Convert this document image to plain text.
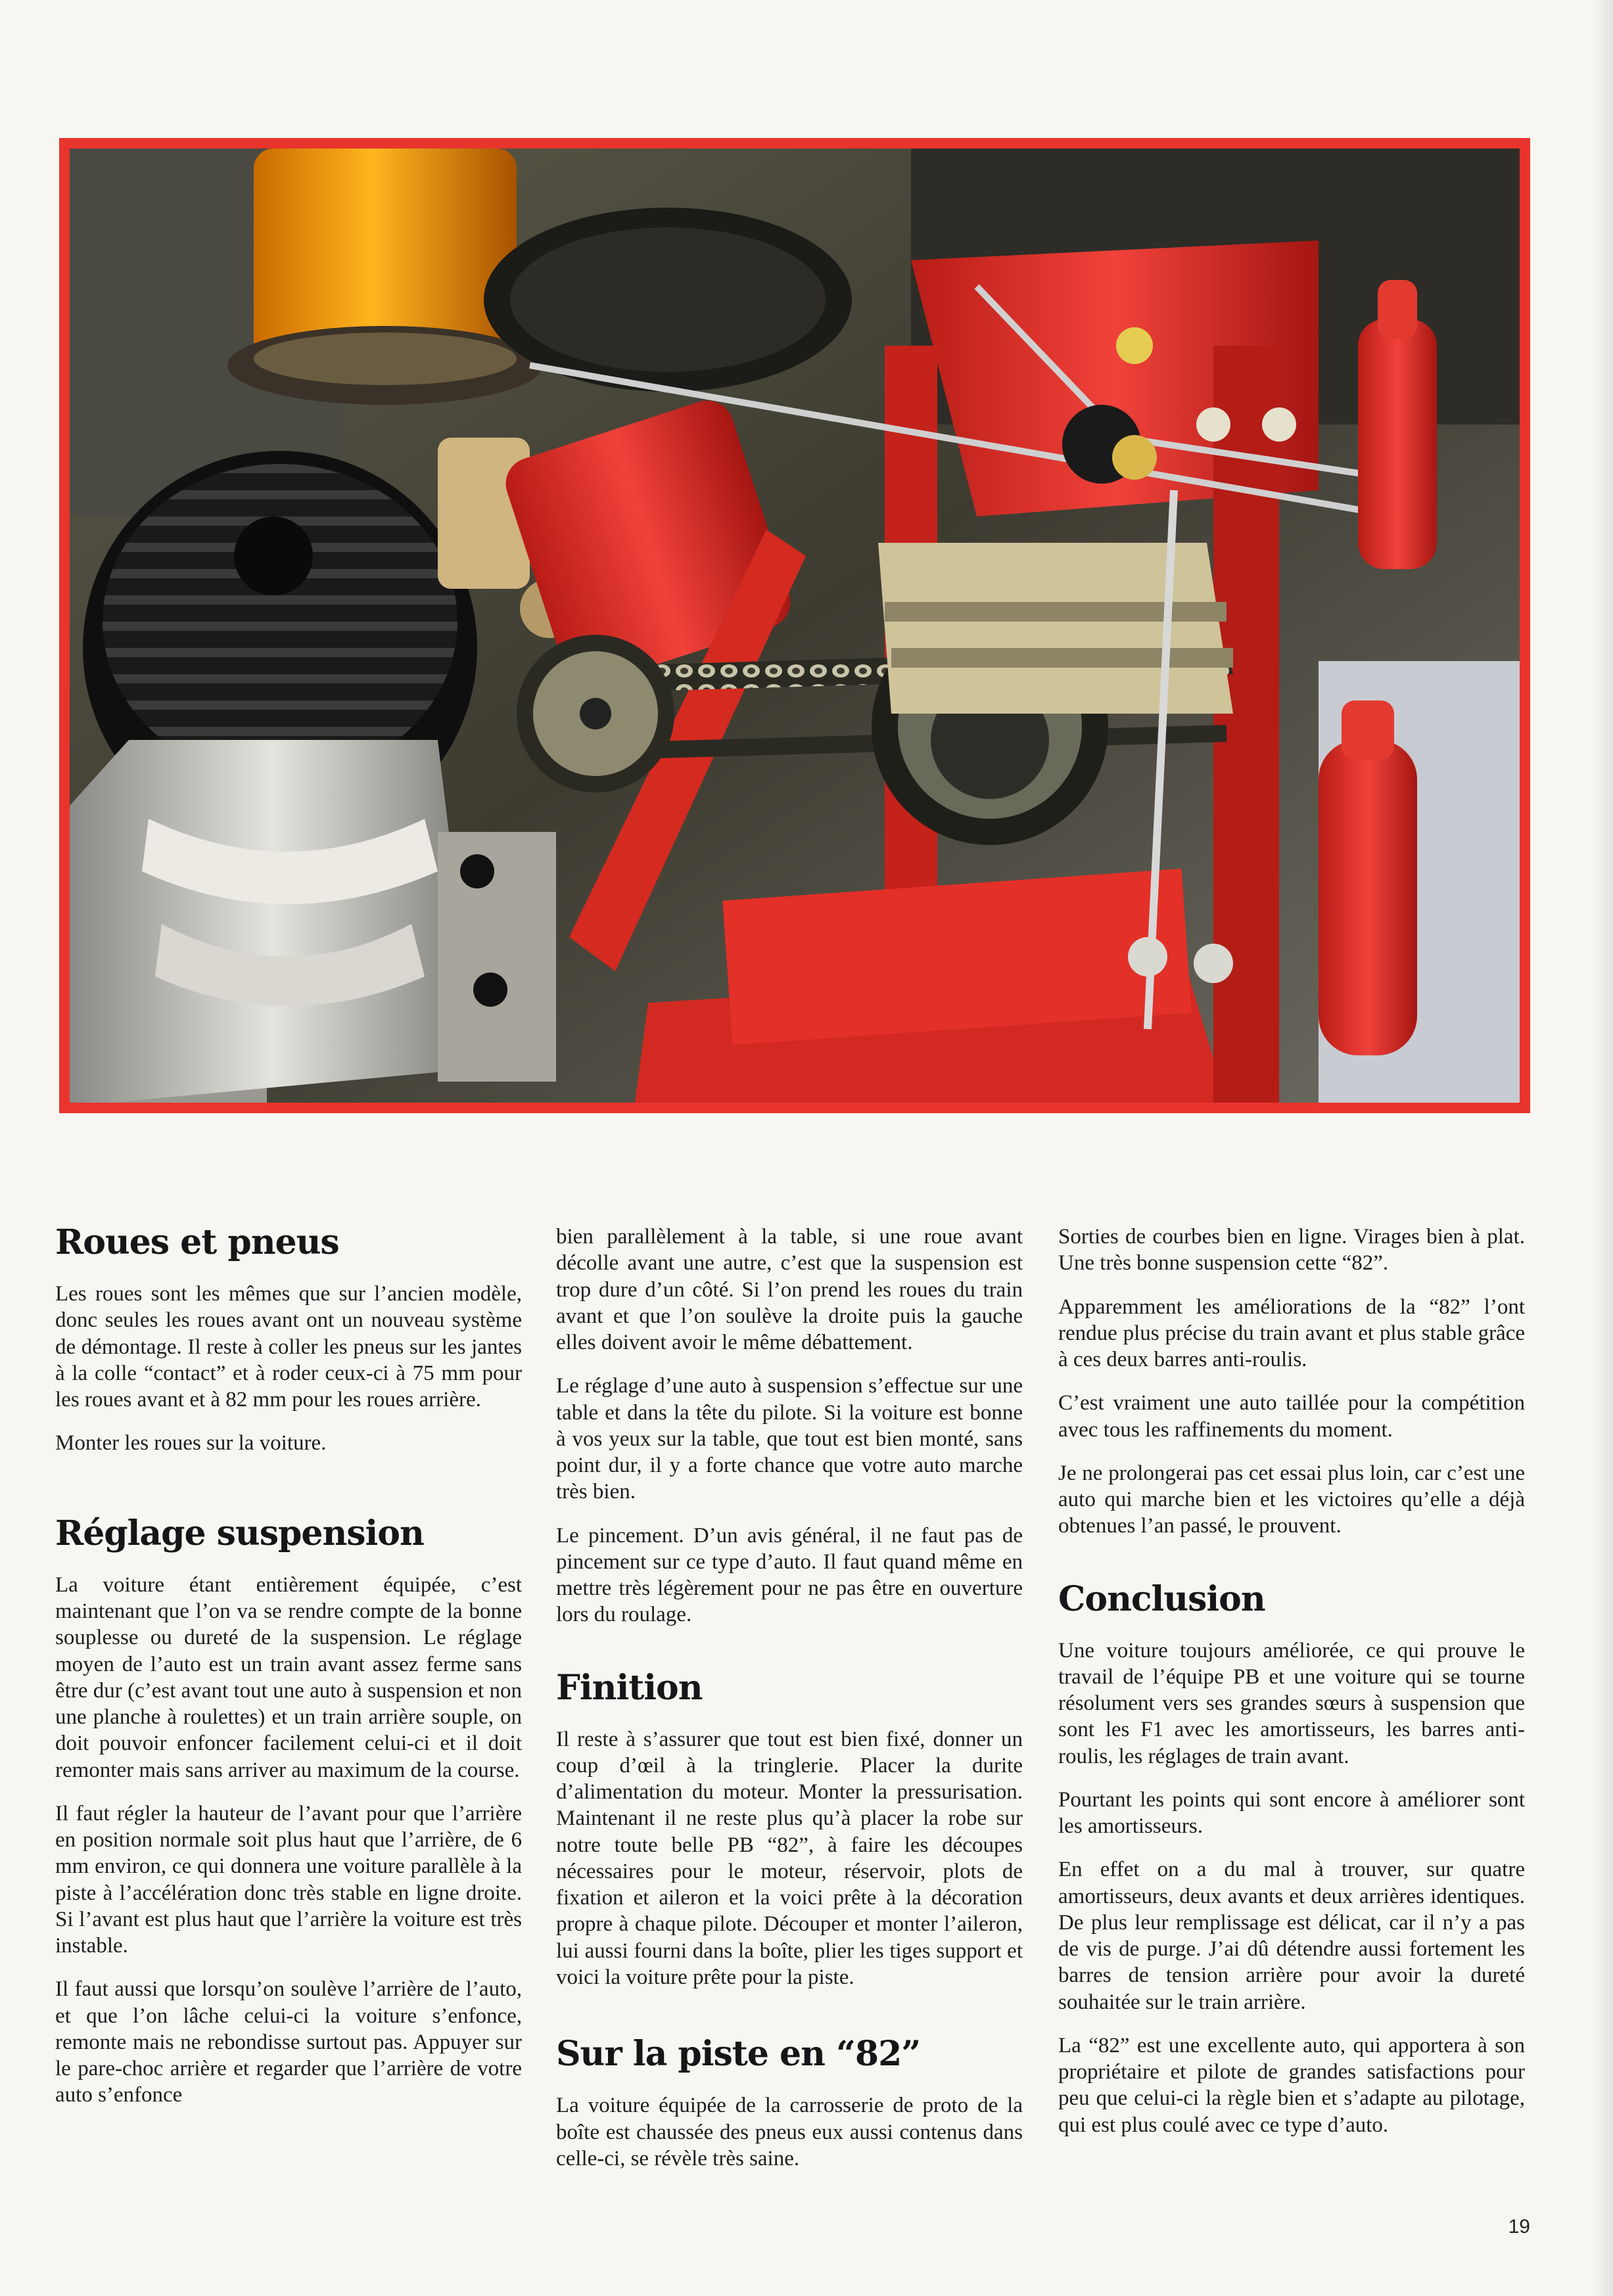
Roues et pneus

Les roues sont les mêmes que sur l’ancien modèle, donc seules les roues avant ont un nouveau système de démontage. Il reste à coller les pneus sur les jantes à la colle “contact” et à roder ceux-ci à 75 mm pour les roues avant et à 82 mm pour les roues arrière.

Monter les roues sur la voiture.

Réglage suspension

La voiture étant entièrement équipée, c’est maintenant que l’on va se rendre compte de la bonne souplesse ou dureté de la suspension. Le réglage moyen de l’auto est un train avant assez ferme sans être dur (c’est avant tout une auto à suspension et non une planche à roulettes) et un train arrière souple, on doit pouvoir enfoncer facilement celui-ci et il doit remonter mais sans arriver au maximum de la course.

Il faut régler la hauteur de l’avant pour que l’arrière en position normale soit plus haut que l’arrière, de 6 mm environ, ce qui donnera une voiture parallèle à la piste à l’accélération donc très stable en ligne droite. Si l’avant est plus haut que l’arrière la voiture est très instable.

Il faut aussi que lorsqu’on soulève l’arrière de l’auto, et que l’on lâche celui-ci la voiture s’enfonce, remonte mais ne rebondisse surtout pas. Appuyer sur le pare-choc arrière et regarder que l’arrière de votre auto s’enfonce

bien parallèlement à la table, si une roue avant décolle avant une autre, c’est que la suspension est trop dure d’un côté. Si l’on prend les roues du train avant et que l’on soulève la droite puis la gauche elles doivent avoir le même débattement.

Le réglage d’une auto à suspension s’effectue sur une table et dans la tête du pilote. Si la voiture est bonne à vos yeux sur la table, que tout est bien monté, sans point dur, il y a forte chance que votre auto marche très bien.

Le pincement. D’un avis général, il ne faut pas de pincement sur ce type d’auto. Il faut quand même en mettre très légèrement pour ne pas être en ouverture lors du roulage.

Finition

Il reste à s’assurer que tout est bien fixé, donner un coup d’œil à la tringlerie. Placer la durite d’alimentation du moteur. Monter la pressurisation. Maintenant il ne reste plus qu’à placer la robe sur notre toute belle PB “82”, à faire les découpes nécessaires pour le moteur, réservoir, plots de fixation et aileron et la voici prête à la décoration propre à chaque pilote. Découper et monter l’aileron, lui aussi fourni dans la boîte, plier les tiges support et voici la voiture prête pour la piste.

Sur la piste en “82”

La voiture équipée de la carrosserie de proto de la boîte est chaussée des pneus eux aussi contenus dans celle-ci, se révèle très saine.

Sorties de courbes bien en ligne. Virages bien à plat. Une très bonne suspension cette “82”.

Apparemment les améliorations de la “82” l’ont rendue plus précise du train avant et plus stable grâce à ces deux barres anti-roulis.

C’est vraiment une auto taillée pour la compétition avec tous les raffinements du moment.

Je ne prolongerai pas cet essai plus loin, car c’est une auto qui marche bien et les victoires qu’elle a déjà obtenues l’an passé, le prouvent.

Conclusion

Une voiture toujours améliorée, ce qui prouve le travail de l’équipe PB et une voiture qui se tourne résolument vers ses grandes sœurs à suspension que sont les F1 avec les amortisseurs, les barres anti-roulis, les réglages de train avant.

Pourtant les points qui sont encore à améliorer sont les amortisseurs.

En effet on a du mal à trouver, sur quatre amortisseurs, deux avants et deux arrières identiques. De plus leur remplissage est délicat, car il n’y a pas de vis de purge. J’ai dû détendre aussi fortement les barres de tension arrière pour avoir la dureté souhaitée sur le train arrière.

La “82” est une excellente auto, qui apportera à son propriétaire et pilote de grandes satisfactions pour peu que celui-ci la règle bien et s’adapte au pilotage, qui est plus coulé avec ce type d’auto.

19
